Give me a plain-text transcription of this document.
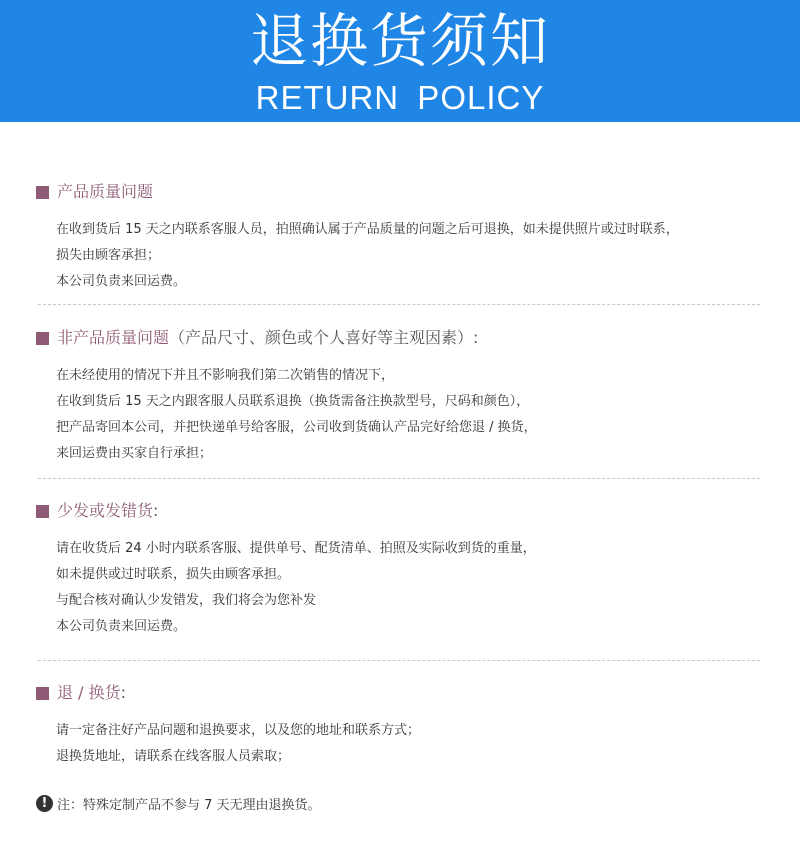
退换货须知
RETURN POLICY
产品质量问题
在收到货后 15 天之内联系客服人员，拍照确认属于产品质量的问题之后可退换，如未提供照片或过时联系，
损失由顾客承担；
本公司负责来回运费。
非产品质量问题 （产品尺寸、颜色或个人喜好等主观因素）:
在未经使用的情况下并且不影响我们第二次销售的情况下，
在收到货后 15 天之内跟客服人员联系退换（换货需备注换款型号，尺码和颜色），
把产品寄回本公司，并把快递单号给客服，公司收到货确认产品完好给您退 / 换货，
来回运费由买家自行承担；
少发或发错货 :
请在收货后 24 小时内联系客服、提供单号、配货清单、拍照及实际收到货的重量，
如未提供或过时联系，损失由顾客承担。
与配合核对确认少发错发，我们将会为您补发
本公司负责来回运费。
退 / 换货 :
请一定备注好产品问题和退换要求，以及您的地址和联系方式；
退换货地址，请联系在线客服人员索取；
! 注：特殊定制产品不参与 7 天无理由退换货。
